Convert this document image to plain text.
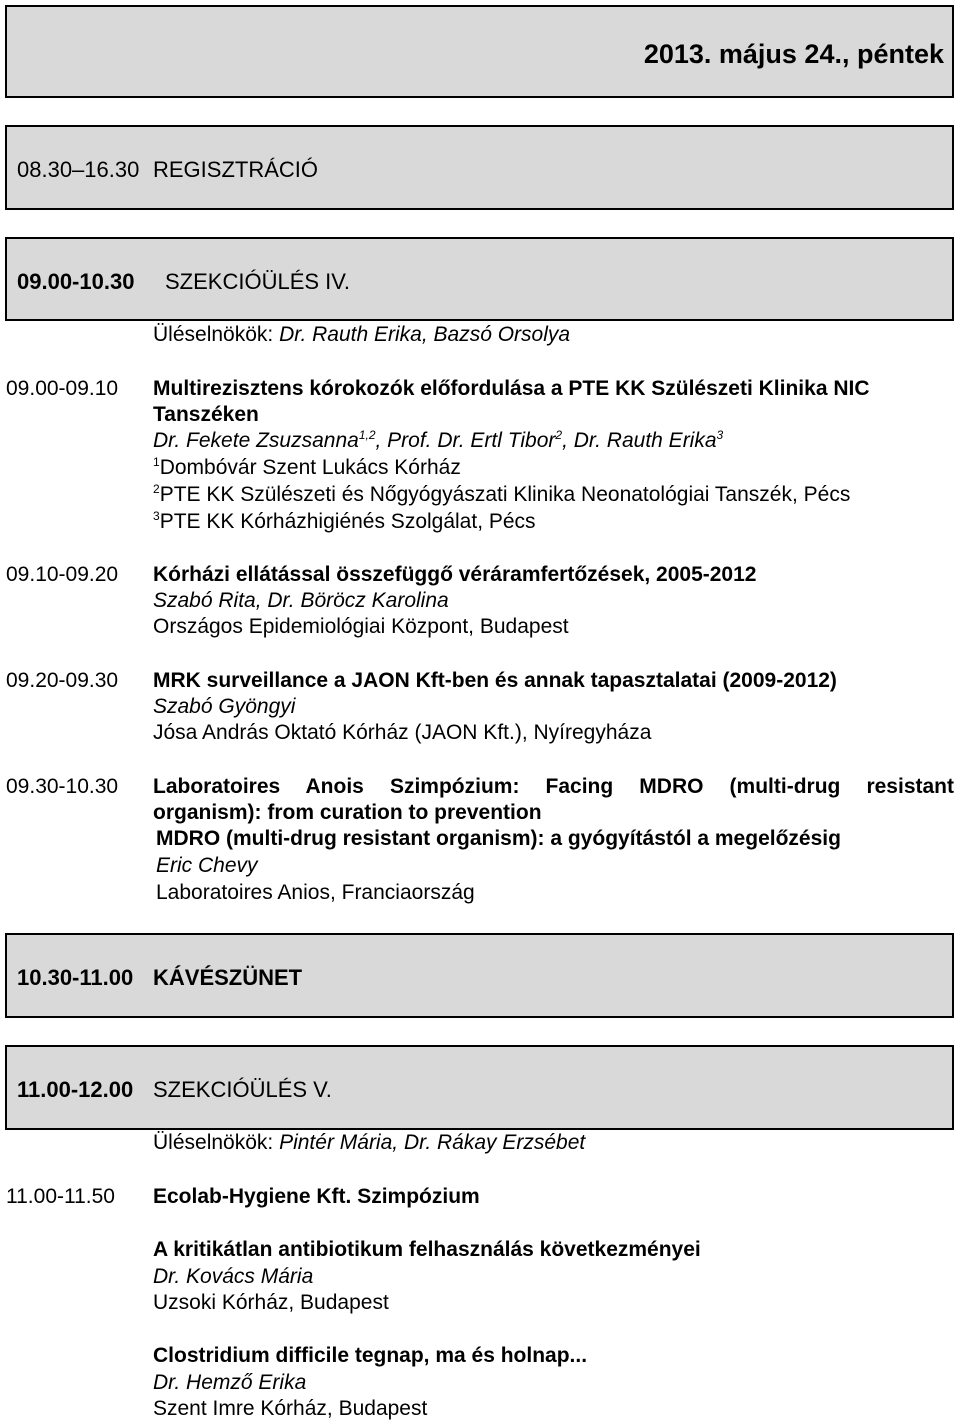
2013. május 24., péntek
08.30–16.30 REGISZTRÁCIÓ
09.00-10.30 SZEKCIÓÜLÉS IV.
Üléselnökök: Dr. Rauth Erika, Bazsó Orsolya
09.00-09.10 Multirezisztens kórokozók előfordulása a PTE KK Szülészeti Klinika NIC
Tanszéken
Dr. Fekete Zsuzsanna$^{1,2}$, Prof. Dr. Ertl Tibor$^2$, Dr. Rauth Erika$^3$
$^1$Dombóvár Szent Lukács Kórház
$^2$PTE KK Szülészeti és Nőgyógyászati Klinika Neonatológiai Tanszék, Pécs
$^3$PTE KK Kórházhigiénés Szolgálat, Pécs
09.10-09.20 Kórházi ellátással összefüggő véráramfertőzések, 2005-2012
Szabó Rita, Dr. Böröcz Karolina
Országos Epidemiológiai Központ, Budapest
09.20-09.30 MRK surveillance a JAON Kft-ben és annak tapasztalatai (2009-2012)
Szabó Gyöngyi
Jósa András Oktató Kórház (JAON Kft.), Nyíregyháza
09.30-10.30 Laboratoires Anois Szimpózium: Facing MDRO (multi-drug resistant
organism): from curation to prevention
MDRO (multi-drug resistant organism): a gyógyítástól a megelőzésig
Eric Chevy
Laboratoires Anios, Franciaország
10.30-11.00 KÁVÉSZÜNET
11.00-12.00 SZEKCIÓÜLÉS V.
Üléselnökök: Pintér Mária, Dr. Rákay Erzsébet
11.00-11.50 Ecolab-Hygiene Kft. Szimpózium
A kritikátlan antibiotikum felhasználás következményei
Dr. Kovács Mária
Uzsoki Kórház, Budapest
Clostridium difficile tegnap, ma és holnap...
Dr. Hemző Erika
Szent Imre Kórház, Budapest
